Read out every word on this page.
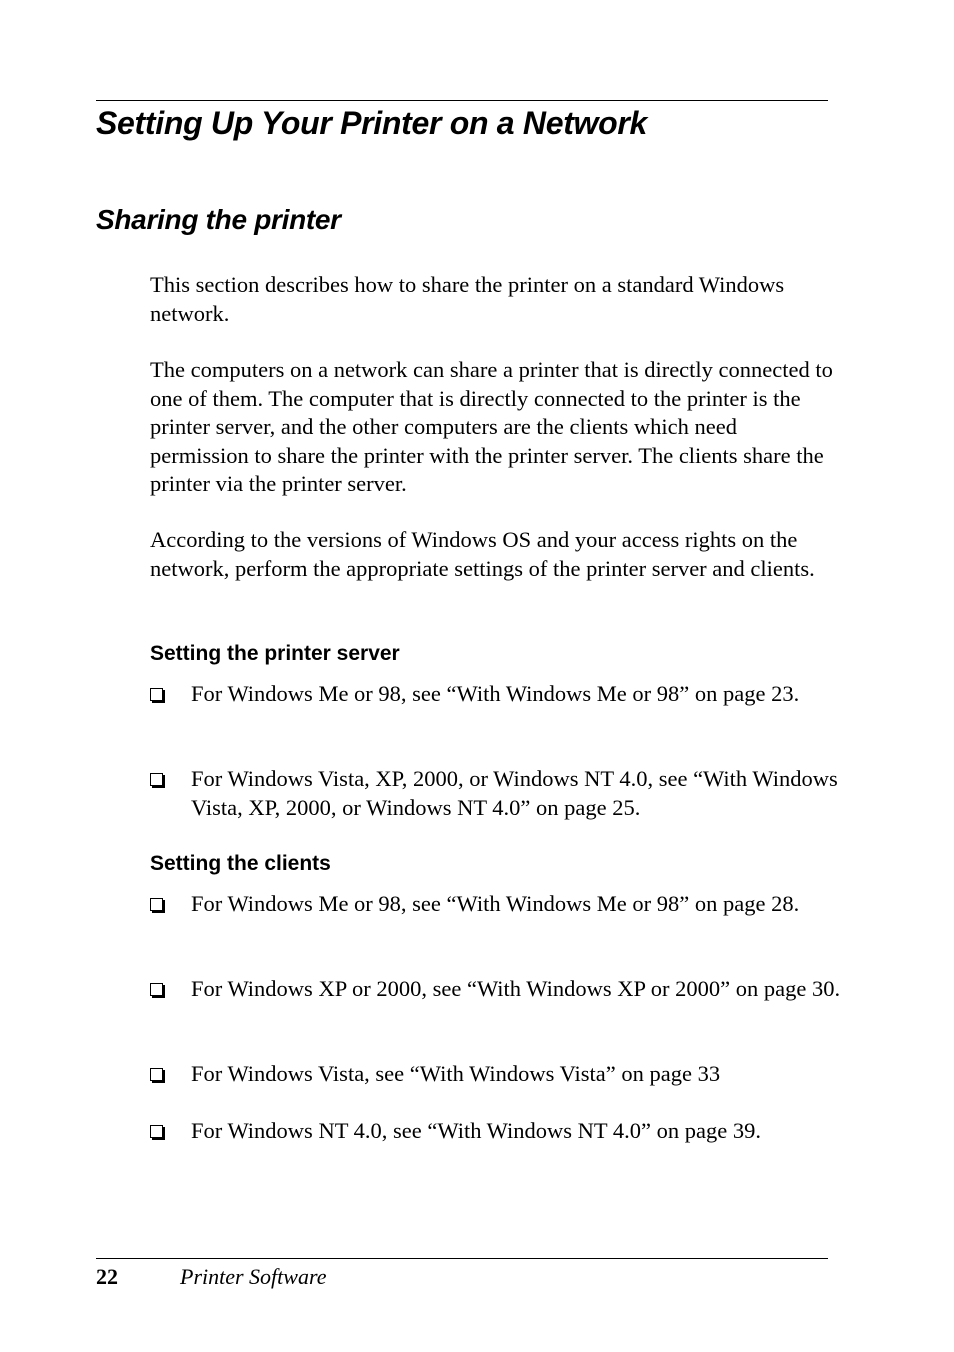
Setting Up Your Printer on a Network
Sharing the printer

This section describes how to share the printer on a standard Windows network.

The computers on a network can share a printer that is directly connected to one of them. The computer that is directly connected to the printer is the printer server, and the other computers are the clients which need permission to share the printer with the printer server. The clients share the printer via the printer server.

According to the versions of Windows OS and your access rights on the network, perform the appropriate settings of the printer server and clients.

Setting the printer server

For Windows Me or 98, see “With Windows Me or 98” on page 23.

For Windows Vista, XP, 2000, or Windows NT 4.0, see “With Windows Vista, XP, 2000, or Windows NT 4.0” on page 25.

Setting the clients

For Windows Me or 98, see “With Windows Me or 98” on page 28.

For Windows XP or 2000, see “With Windows XP or 2000” on page 30.

For Windows Vista, see “With Windows Vista” on page 33

For Windows NT 4.0, see “With Windows NT 4.0” on page 39.

22	Printer Software
